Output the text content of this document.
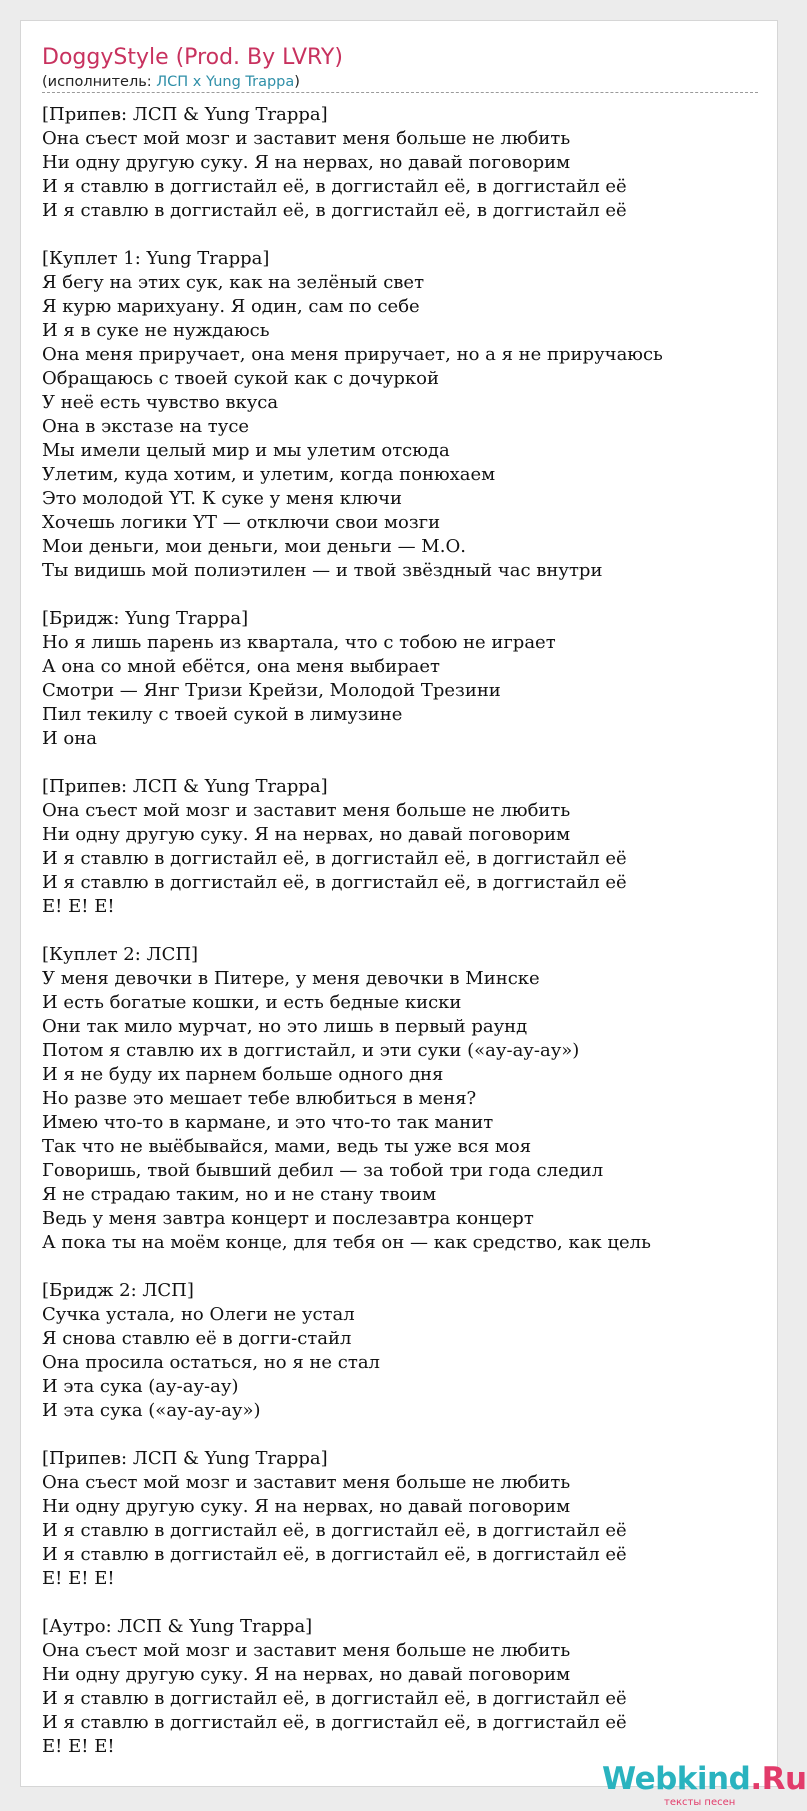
DoggyStyle (Prod. By LVRY)
(исполнитель: ЛСП x Yung Trappa)
[Припев: ЛСП & Yung Trappa]
Она съест мой мозг и заставит меня больше не любить
Ни одну другую суку. Я на нервах, но давай поговорим
И я ставлю в доггистайл её, в доггистайл её, в доггистайл её
И я ставлю в доггистайл её, в доггистайл её, в доггистайл её
[Куплет 1: Yung Trappa]
Я бегу на этих сук, как на зелёный свет
Я курю марихуану. Я один, сам по себе
И я в суке не нуждаюсь
Она меня приручает, она меня приручает, но а я не приручаюсь
Обращаюсь с твоей сукой как с дочуркой
У неё есть чувство вкуса
Она в экстазе на тусе
Мы имели целый мир и мы улетим отсюда
Улетим, куда хотим, и улетим, когда понюхаем
Это молодой YT. К суке у меня ключи
Хочешь логики YT — отключи свои мозги
Мои деньги, мои деньги, мои деньги — М.О.
Ты видишь мой полиэтилен — и твой звёздный час внутри
[Бридж: Yung Trappa]
Но я лишь парень из квартала, что с тобою не играет
А она со мной ебётся, она меня выбирает
Смотри — Янг Тризи Крейзи, Молодой Трезини
Пил текилу с твоей сукой в лимузине
И она
[Припев: ЛСП & Yung Trappa]
Она съест мой мозг и заставит меня больше не любить
Ни одну другую суку. Я на нервах, но давай поговорим
И я ставлю в доггистайл её, в доггистайл её, в доггистайл её
И я ставлю в доггистайл её, в доггистайл её, в доггистайл её
Е! Е! Е!
[Куплет 2: ЛСП]
У меня девочки в Питере, у меня девочки в Минске
И есть богатые кошки, и есть бедные киски
Они так мило мурчат, но это лишь в первый раунд
Потом я ставлю их в доггистайл, и эти суки («ау-ау-ау»)
И я не буду их парнем больше одного дня
Но разве это мешает тебе влюбиться в меня?
Имею что-то в кармане, и это что-то так манит
Так что не выёбывайся, мами, ведь ты уже вся моя
Говоришь, твой бывший дебил — за тобой три года следил
Я не страдаю таким, но и не стану твоим
Ведь у меня завтра концерт и послезавтра концерт
А пока ты на моём конце, для тебя он — как средство, как цель
[Бридж 2: ЛСП]
Сучка устала, но Олеги не устал
Я снова ставлю её в догги-стайл
Она просила остаться, но я не стал
И эта сука (ау-ау-ау)
И эта сука («ау-ау-ау»)
[Припев: ЛСП & Yung Trappa]
Она съест мой мозг и заставит меня больше не любить
Ни одну другую суку. Я на нервах, но давай поговорим
И я ставлю в доггистайл её, в доггистайл её, в доггистайл её
И я ставлю в доггистайл её, в доггистайл её, в доггистайл её
Е! Е! Е!
[Аутро: ЛСП & Yung Trappa]
Она съест мой мозг и заставит меня больше не любить
Ни одну другую суку. Я на нервах, но давай поговорим
И я ставлю в доггистайл её, в доггистайл её, в доггистайл её
И я ставлю в доггистайл её, в доггистайл её, в доггистайл её
Е! Е! Е!
Webkind.Ru
тексты песен
